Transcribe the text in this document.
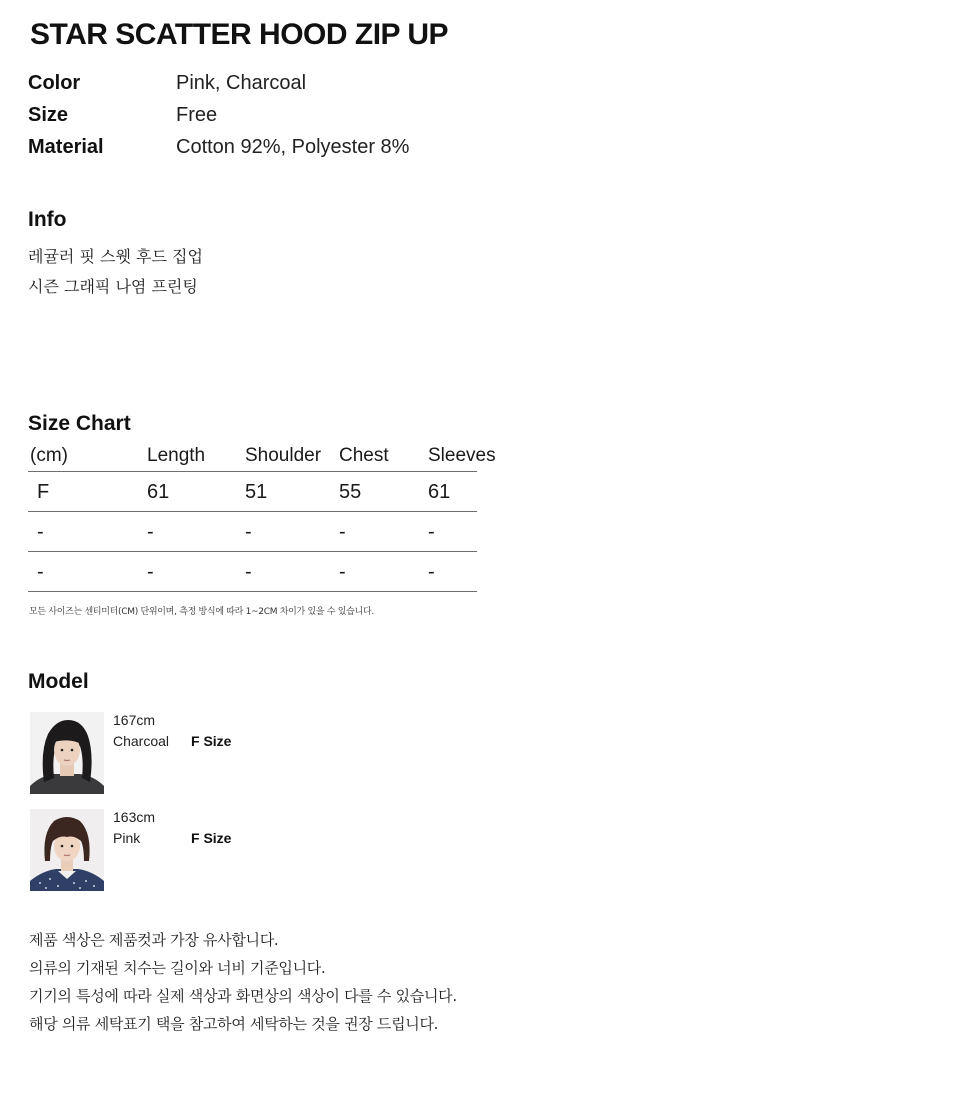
STAR SCATTER HOOD ZIP UP
Color	Pink, Charcoal
Size	Free
Material	Cotton 92%, Polyester 8%
Info
레귤러 핏 스웻 후드 집업
시즌 그래픽 나염 프린팅
Size Chart
(cm)	Length Shoulder Chest Sleeves
F	61	51	55	61
-	-	-	-	-
-	-	-	-	-
모든 사이즈는 센티미터(CM) 단위이며, 측정 방식에 따라 1~2CM 차이가 있을 수 있습니다.
Model
167cm
Charcoal F Size
163cm
Pink	F Size
제품 색상은 제품컷과 가장 유사합니다.
의류의 기재된 치수는 길이와 너비 기준입니다.
기기의 특성에 따라 실제 색상과 화면상의 색상이 다를 수 있습니다.
해당 의류 세탁표기 택을 참고하여 세탁하는 것을 권장 드립니다.
